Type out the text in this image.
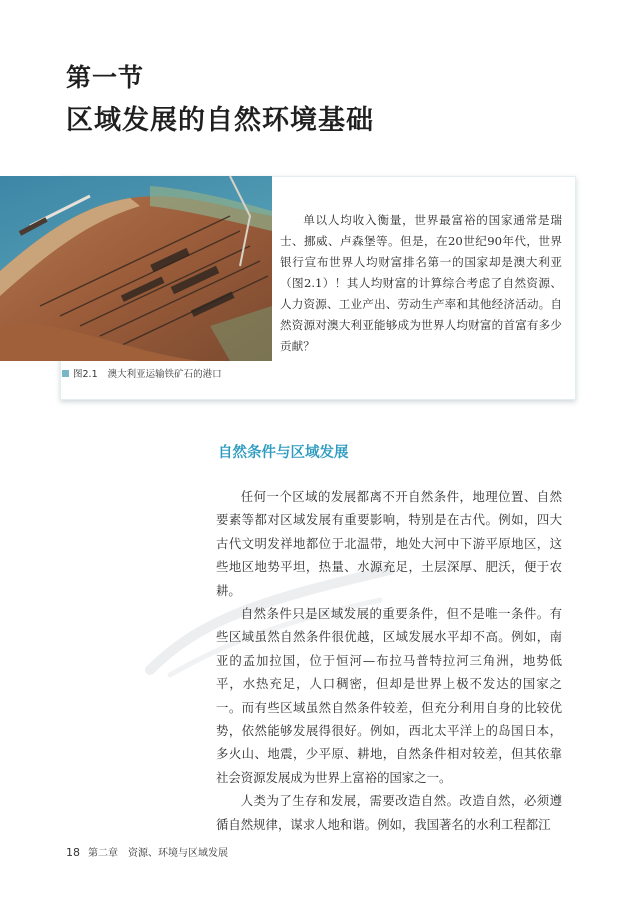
第一节
区域发展的自然环境基础
图2.1 澳大利亚运输铁矿石的港口
单以人均收入衡量，世界最富裕的国家通常是瑞士、挪威、卢森堡等。但是，在20世纪90年代，世界银行宣布世界人均财富排名第一的国家却是澳大利亚（图2.1）！其人均财富的计算综合考虑了自然资源、人力资源、工业产出、劳动生产率和其他经济活动。自然资源对澳大利亚能够成为世界人均财富的首富有多少贡献？
自然条件与区域发展

任何一个区域的发展都离不开自然条件，地理位置、自然要素等都对区域发展有重要影响，特别是在古代。例如，四大古代文明发祥地都位于北温带，地处大河中下游平原地区，这些地区地势平坦，热量、水源充足，土层深厚、肥沃，便于农耕。

自然条件只是区域发展的重要条件，但不是唯一条件。有些区域虽然自然条件很优越，区域发展水平却不高。例如，南亚的孟加拉国，位于恒河—布拉马普特拉河三角洲，地势低平，水热充足，人口稠密，但却是世界上极不发达的国家之一。而有些区域虽然自然条件较差，但充分利用自身的比较优势，依然能够发展得很好。例如，西北太平洋上的岛国日本，多火山、地震，少平原、耕地，自然条件相对较差，但其依靠社会资源发展成为世界上富裕的国家之一。

人类为了生存和发展，需要改造自然。改造自然，必须遵循自然规律，谋求人地和谐。例如，我国著名的水利工程都江

18 第二章　资源、环境与区域发展
